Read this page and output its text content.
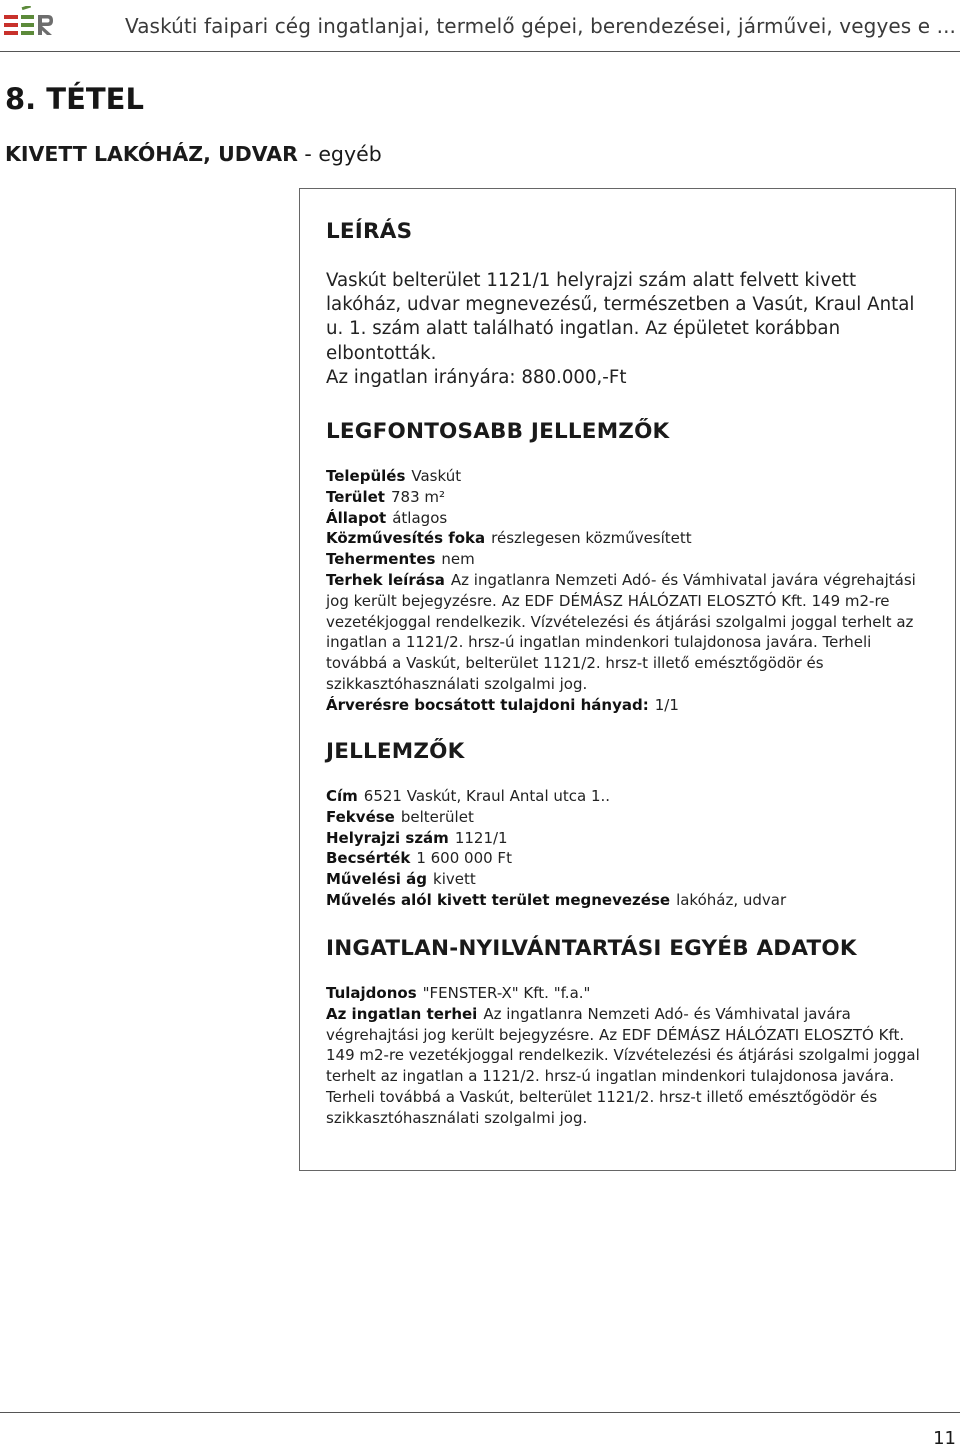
Vaskúti faipari cég ingatlanjai, termelő gépei, berendezései, járművei, vegyes e ...
8. TÉTEL
KIVETT LAKÓHÁZ, UDVAR - egyéb
LEÍRÁS
Vaskút belterület 1121/1 helyrajzi szám alatt felvett kivett lakóház, udvar megnevezésű, természetben a Vasút, Kraul Antal u. 1. szám alatt található ingatlan. Az épületet korábban elbontották.
Az ingatlan irányára: 880.000,-Ft
LEGFONTOSABB JELLEMZŐK
Település Vaskút
Terület 783 m²
Állapot átlagos
Közművesítés foka részlegesen közművesített
Tehermentes nem
Terhek leírása Az ingatlanra Nemzeti Adó- és Vámhivatal javára végrehajtási jog került bejegyzésre. Az EDF DÉMÁSZ HÁLÓZATI ELOSZTÓ Kft. 149 m2-re vezetékjoggal rendelkezik. Vízvételezési és átjárási szolgalmi joggal terhelt az ingatlan a 1121/2. hrsz-ú ingatlan mindenkori tulajdonosa javára. Terheli továbbá a Vaskút, belterület 1121/2. hrsz-t illető emésztőgödör és szikkasztóhasználati szolgalmi jog.
Árverésre bocsátott tulajdoni hányad: 1/1
JELLEMZŐK
Cím 6521 Vaskút, Kraul Antal utca 1..
Fekvése belterület
Helyrajzi szám 1121/1
Becsérték 1 600 000 Ft
Művelési ág kivett
Művelés alól kivett terület megnevezése lakóház, udvar
INGATLAN-NYILVÁNTARTÁSI EGYÉB ADATOK
Tulajdonos "FENSTER-X" Kft. "f.a."
Az ingatlan terhei Az ingatlanra Nemzeti Adó- és Vámhivatal javára végrehajtási jog került bejegyzésre. Az EDF DÉMÁSZ HÁLÓZATI ELOSZTÓ Kft. 149 m2-re vezetékjoggal rendelkezik. Vízvételezési és átjárási szolgalmi joggal terhelt az ingatlan a 1121/2. hrsz-ú ingatlan mindenkori tulajdonosa javára. Terheli továbbá a Vaskút, belterület 1121/2. hrsz-t illető emésztőgödör és szikkasztóhasználati szolgalmi jog.
11
